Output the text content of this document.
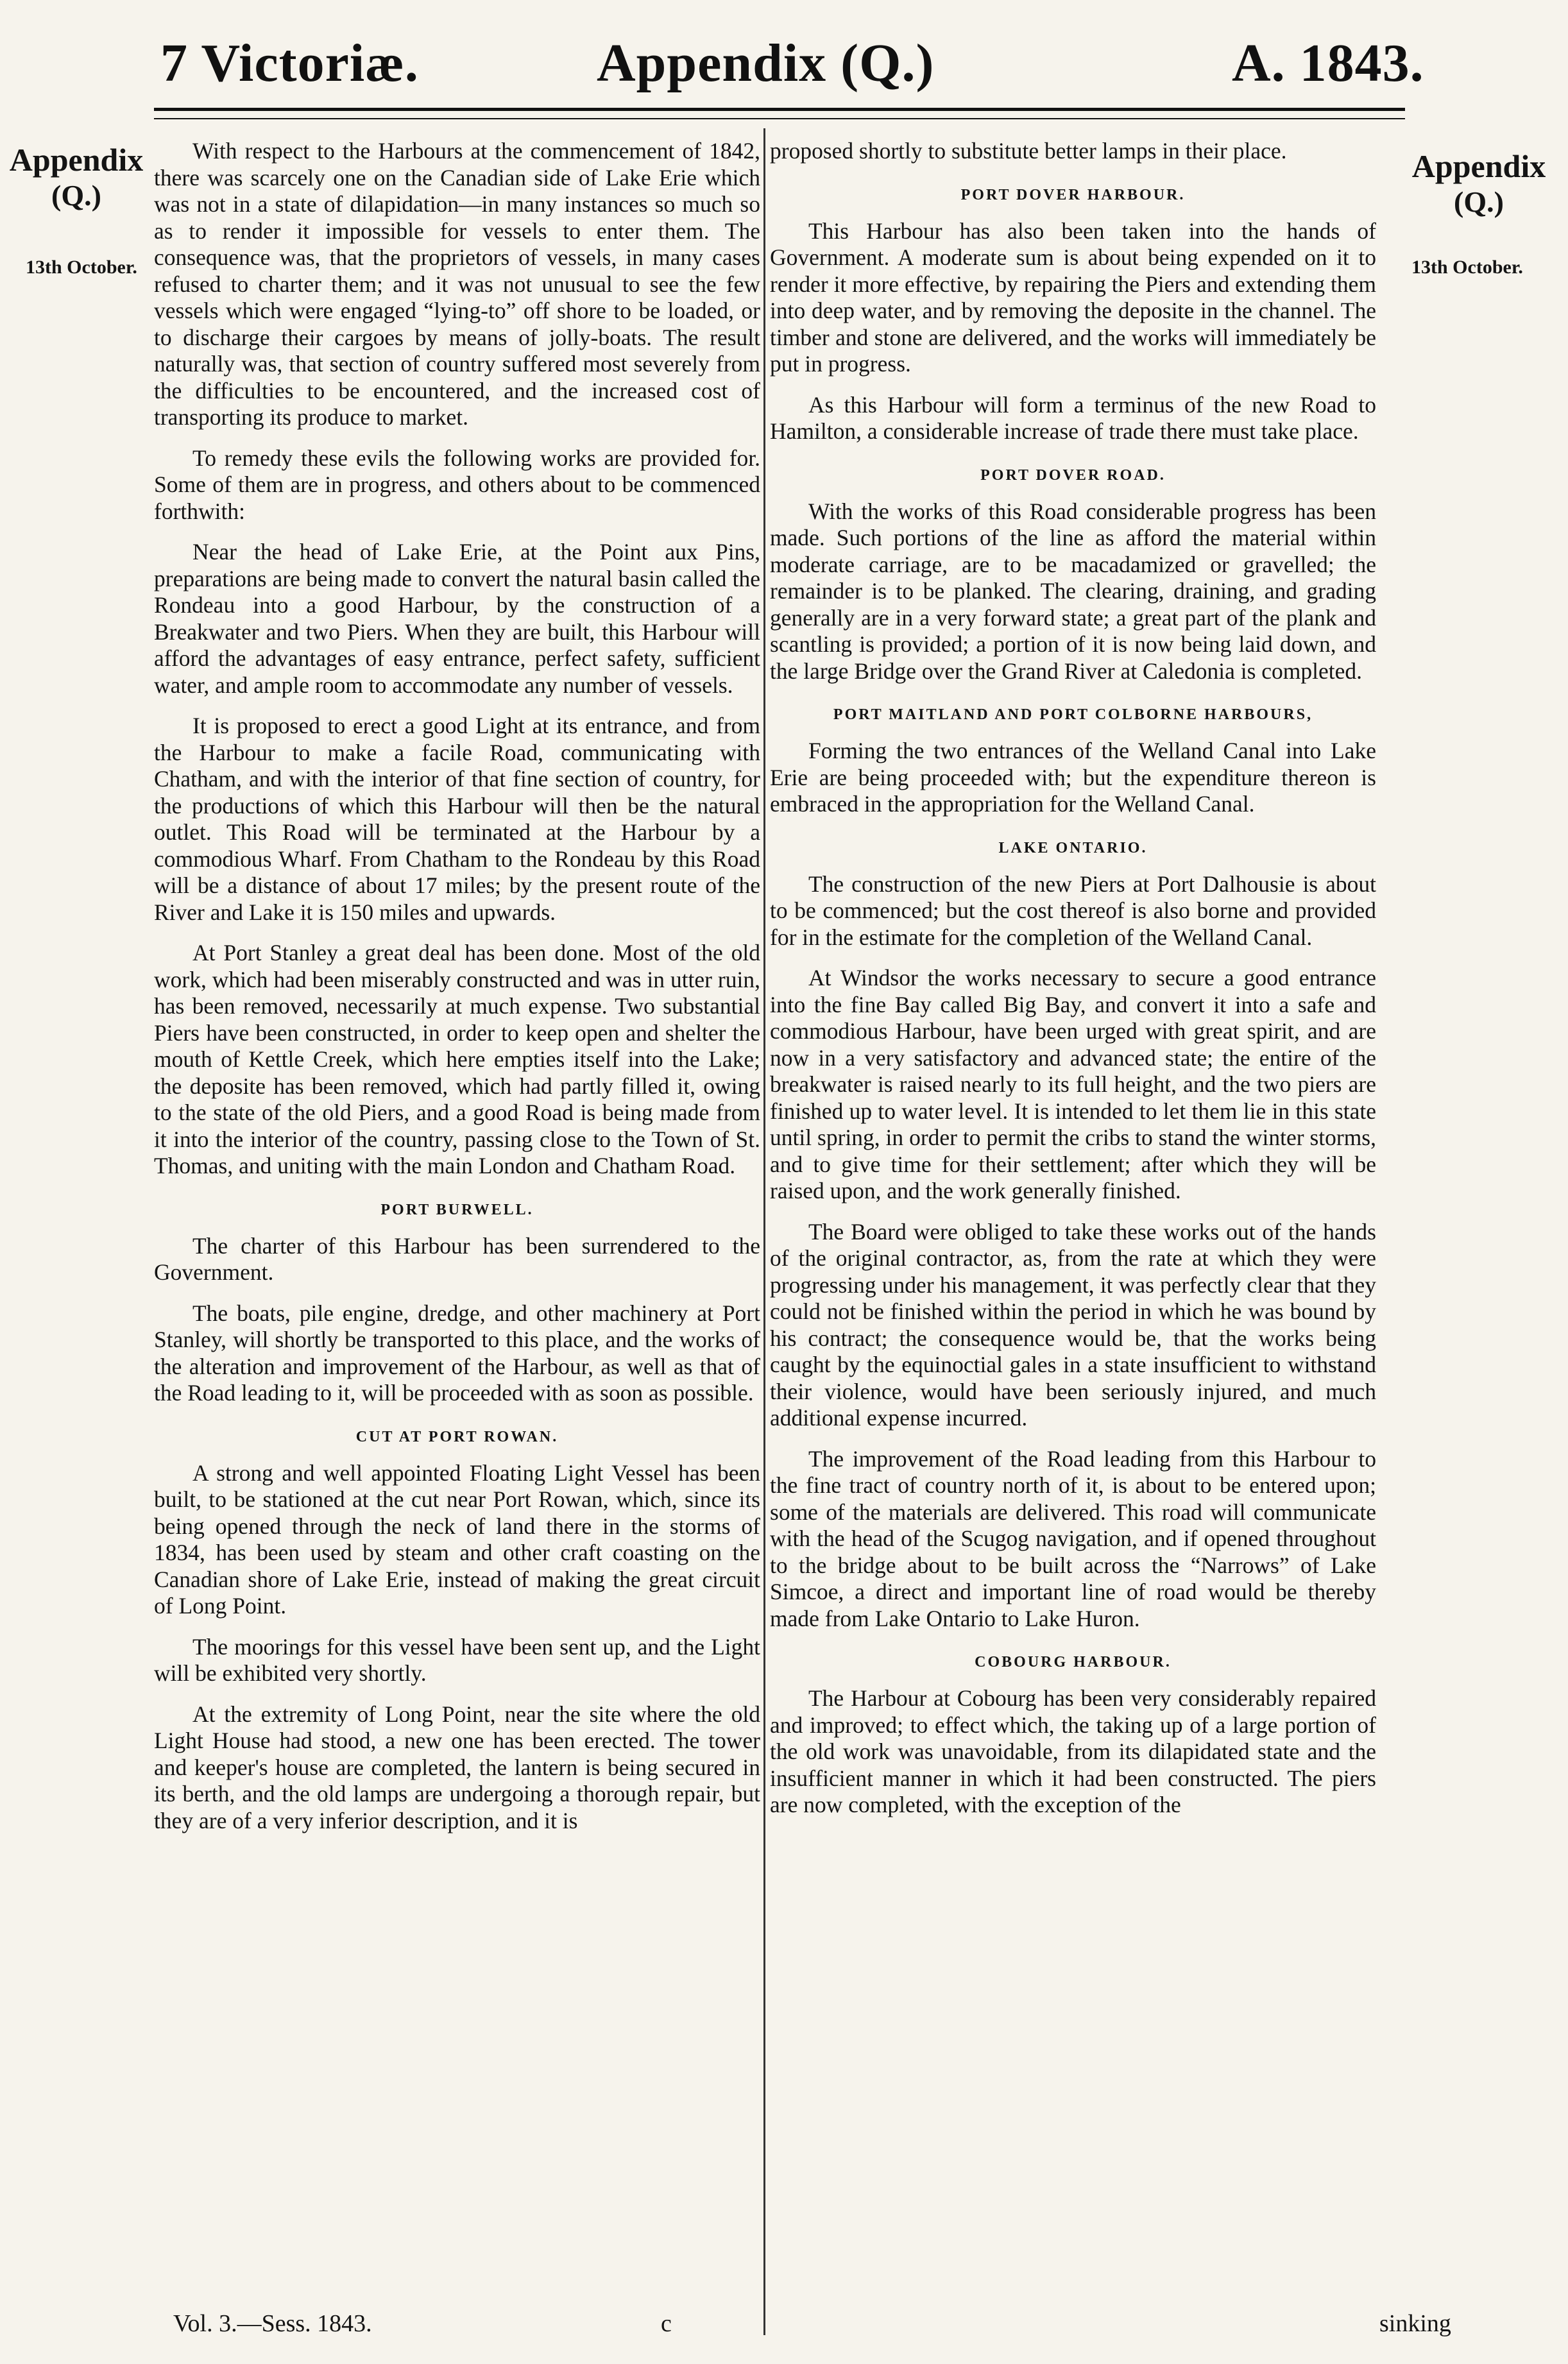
7 Victoriæ.	Appendix (Q.)	A. 1843.
Appendix
(Q.)
13th October.
Appendix
(Q.)
13th October.

With respect to the Harbours at the commencement of 1842, there was scarcely one on the Canadian side of Lake Erie which was not in a state of dilapidation—in many instances so much so as to render it impossible for vessels to enter them. The consequence was, that the proprietors of vessels, in many cases refused to charter them; and it was not unusual to see the few vessels which were engaged “lying-to” off shore to be loaded, or to discharge their cargoes by means of jolly-boats. The result naturally was, that section of country suffered most severely from the difficulties to be encountered, and the increased cost of transporting its produce to market.

To remedy these evils the following works are provided for. Some of them are in progress, and others about to be commenced forthwith:

Near the head of Lake Erie, at the Point aux Pins, preparations are being made to convert the natural basin called the Rondeau into a good Harbour, by the construction of a Breakwater and two Piers. When they are built, this Harbour will afford the advantages of easy entrance, perfect safety, sufficient water, and ample room to accommodate any number of vessels.

It is proposed to erect a good Light at its entrance, and from the Harbour to make a facile Road, communicating with Chatham, and with the interior of that fine section of country, for the productions of which this Harbour will then be the natural outlet. This Road will be terminated at the Harbour by a commodious Wharf. From Chatham to the Rondeau by this Road will be a distance of about 17 miles; by the present route of the River and Lake it is 150 miles and upwards.

At Port Stanley a great deal has been done. Most of the old work, which had been miserably constructed and was in utter ruin, has been removed, necessarily at much expense. Two substantial Piers have been constructed, in order to keep open and shelter the mouth of Kettle Creek, which here empties itself into the Lake; the deposite has been removed, which had partly filled it, owing to the state of the old Piers, and a good Road is being made from it into the interior of the country, passing close to the Town of St. Thomas, and uniting with the main London and Chatham Road.

PORT BURWELL.

The charter of this Harbour has been surrendered to the Government.

The boats, pile engine, dredge, and other machinery at Port Stanley, will shortly be transported to this place, and the works of the alteration and improvement of the Harbour, as well as that of the Road leading to it, will be proceeded with as soon as possible.

CUT AT PORT ROWAN.

A strong and well appointed Floating Light Vessel has been built, to be stationed at the cut near Port Rowan, which, since its being opened through the neck of land there in the storms of 1834, has been used by steam and other craft coasting on the Canadian shore of Lake Erie, instead of making the great circuit of Long Point.

The moorings for this vessel have been sent up, and the Light will be exhibited very shortly.

At the extremity of Long Point, near the site where the old Light House had stood, a new one has been erected. The tower and keeper's house are completed, the lantern is being secured in its berth, and the old lamps are undergoing a thorough repair, but they are of a very inferior description, and it is

proposed shortly to substitute better lamps in their place.

PORT DOVER HARBOUR.

This Harbour has also been taken into the hands of Government. A moderate sum is about being expended on it to render it more effective, by repairing the Piers and extending them into deep water, and by removing the deposite in the channel. The timber and stone are delivered, and the works will immediately be put in progress.

As this Harbour will form a terminus of the new Road to Hamilton, a considerable increase of trade there must take place.

PORT DOVER ROAD.

With the works of this Road considerable progress has been made. Such portions of the line as afford the material within moderate carriage, are to be macadamized or gravelled; the remainder is to be planked. The clearing, draining, and grading generally are in a very forward state; a great part of the plank and scantling is provided; a portion of it is now being laid down, and the large Bridge over the Grand River at Caledonia is completed.

PORT MAITLAND AND PORT COLBORNE HARBOURS,

Forming the two entrances of the Welland Canal into Lake Erie are being proceeded with; but the expenditure thereon is embraced in the appropriation for the Welland Canal.

LAKE ONTARIO.

The construction of the new Piers at Port Dalhousie is about to be commenced; but the cost thereof is also borne and provided for in the estimate for the completion of the Welland Canal.

At Windsor the works necessary to secure a good entrance into the fine Bay called Big Bay, and convert it into a safe and commodious Harbour, have been urged with great spirit, and are now in a very satisfactory and advanced state; the entire of the breakwater is raised nearly to its full height, and the two piers are finished up to water level. It is intended to let them lie in this state until spring, in order to permit the cribs to stand the winter storms, and to give time for their settlement; after which they will be raised upon, and the work generally finished.

The Board were obliged to take these works out of the hands of the original contractor, as, from the rate at which they were progressing under his management, it was perfectly clear that they could not be finished within the period in which he was bound by his contract; the consequence would be, that the works being caught by the equinoctial gales in a state insufficient to withstand their violence, would have been seriously injured, and much additional expense incurred.

The improvement of the Road leading from this Harbour to the fine tract of country north of it, is about to be entered upon; some of the materials are delivered. This road will communicate with the head of the Scugog navigation, and if opened throughout to the bridge about to be built across the “Narrows” of Lake Simcoe, a direct and important line of road would be thereby made from Lake Ontario to Lake Huron.

COBOURG HARBOUR.

The Harbour at Cobourg has been very considerably repaired and improved; to effect which, the taking up of a large portion of the old work was unavoidable, from its dilapidated state and the insufficient manner in which it had been constructed. The piers are now completed, with the exception of the

Vol. 3.—Sess. 1843.	c	sinking
